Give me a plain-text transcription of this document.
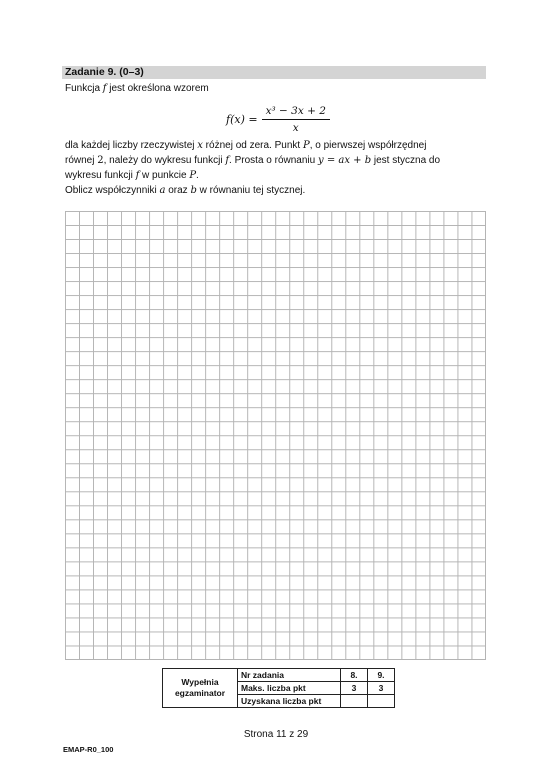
Zadanie 9. (0–3)
Funkcja f jest określona wzorem
$f(x) = \frac{\text{x³ − 3x + 2}}{x}$
dla każdej liczby rzeczywistej x różnej od zera. Punkt P, o pierwszej współrzędnej
równej 2, należy do wykresu funkcji f. Prosta o równaniu y = ax + b jest styczna do
wykresu funkcji f w punkcie P.
Oblicz współczynniki a oraz b w równaniu tej stycznej.
Wypełnia
egzaminator	Nr zadania	8.	9.
	Maks. liczba pkt	3	3
	Uzyskana liczba pkt		
Strona 11 z 29
EMAP-R0_100
